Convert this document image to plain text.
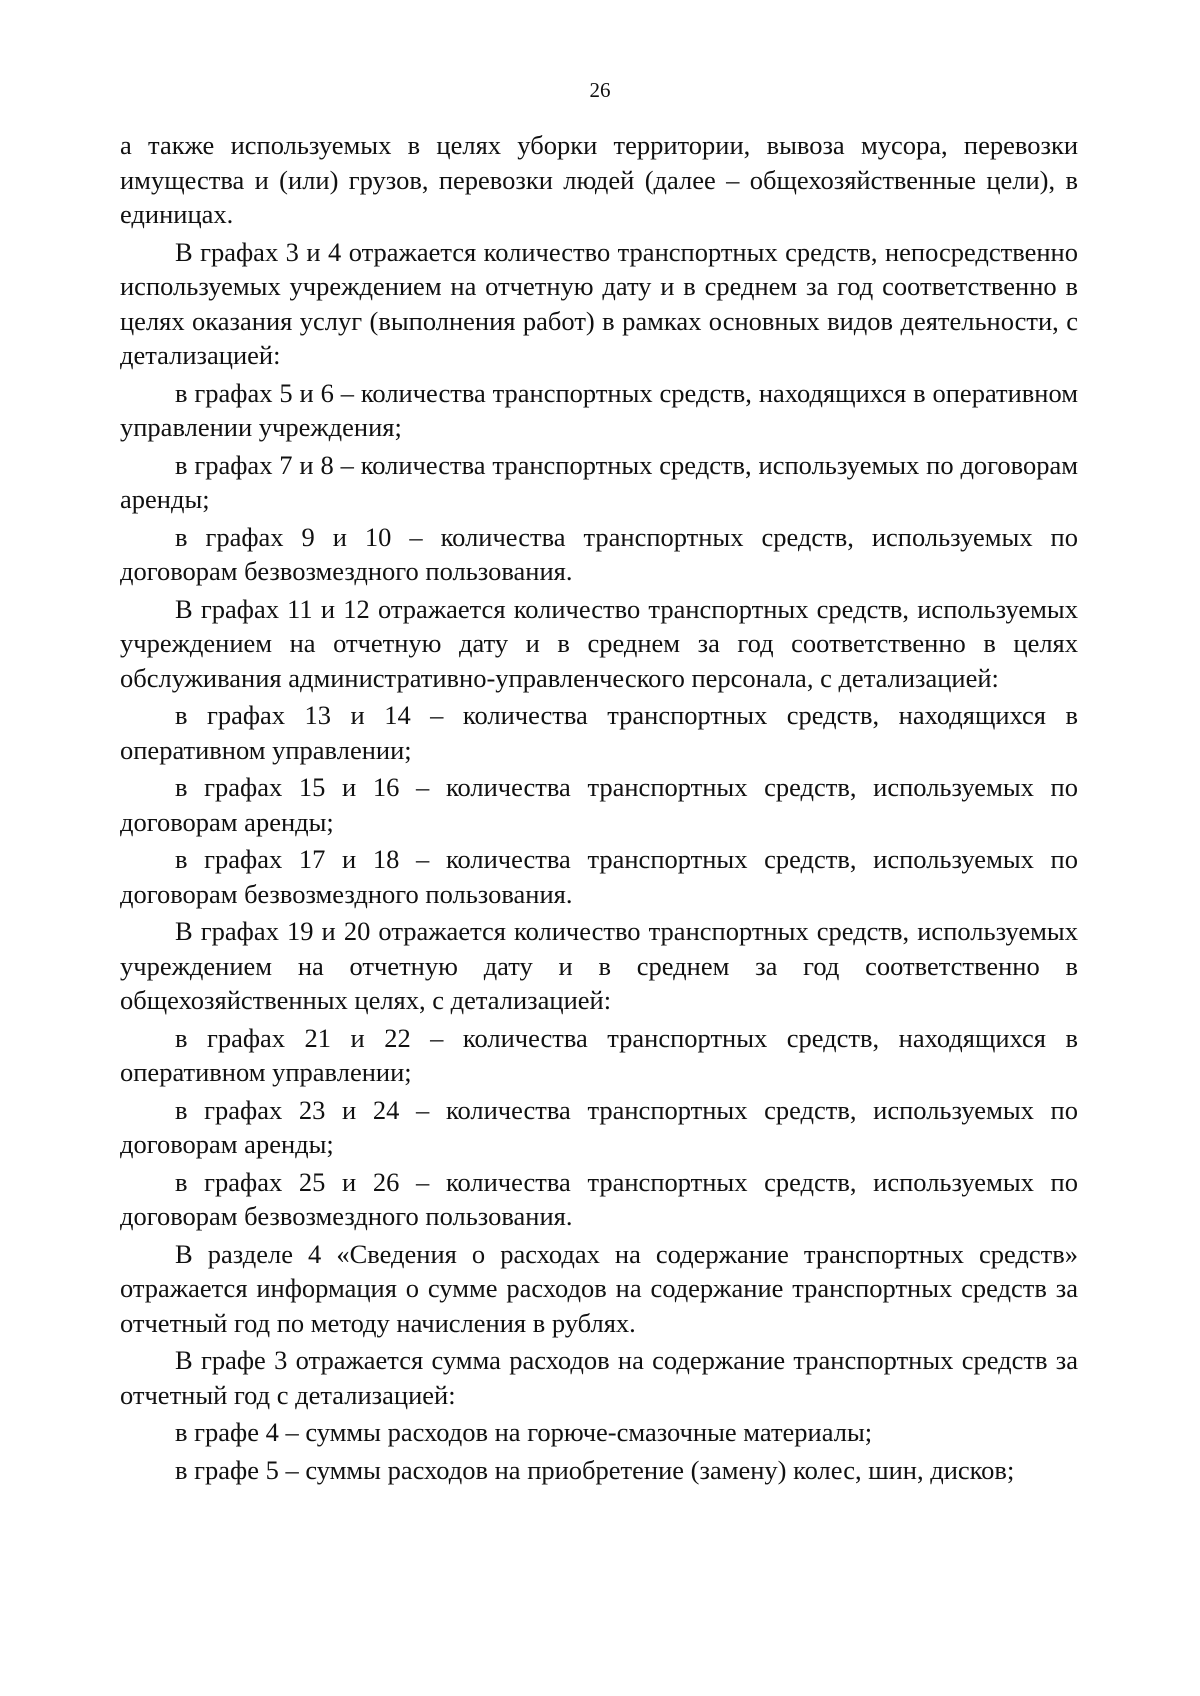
26

а также используемых в целях уборки территории, вывоза мусора, перевозки имущества и (или) грузов, перевозки людей (далее – общехозяйственные цели), в единицах.

В графах 3 и 4 отражается количество транспортных средств, непосредственно используемых учреждением на отчетную дату и в среднем за год соответственно в целях оказания услуг (выполнения работ) в рамках основных видов деятельности, с детализацией:

в графах 5 и 6 – количества транспортных средств, находящихся в оперативном управлении учреждения;

в графах 7 и 8 – количества транспортных средств, используемых по договорам аренды;

в графах 9 и 10 – количества транспортных средств, используемых по договорам безвозмездного пользования.

В графах 11 и 12 отражается количество транспортных средств, используемых учреждением на отчетную дату и в среднем за год соответственно в целях обслуживания административно-управленческого персонала, с детализацией:

в графах 13 и 14 – количества транспортных средств, находящихся в оперативном управлении;

в графах 15 и 16 – количества транспортных средств, используемых по договорам аренды;

в графах 17 и 18 – количества транспортных средств, используемых по договорам безвозмездного пользования.

В графах 19 и 20 отражается количество транспортных средств, используемых учреждением на отчетную дату и в среднем за год соответственно в общехозяйственных целях, с детализацией:

в графах 21 и 22 – количества транспортных средств, находящихся в оперативном управлении;

в графах 23 и 24 – количества транспортных средств, используемых по договорам аренды;

в графах 25 и 26 – количества транспортных средств, используемых по договорам безвозмездного пользования.

В разделе 4 «Сведения о расходах на содержание транспортных средств» отражается информация о сумме расходов на содержание транспортных средств за отчетный год по методу начисления в рублях.

В графе 3 отражается сумма расходов на содержание транспортных средств за отчетный год с детализацией:

в графе 4 – суммы расходов на горюче-смазочные материалы;

в графе 5 – суммы расходов на приобретение (замену) колес, шин, дисков;
